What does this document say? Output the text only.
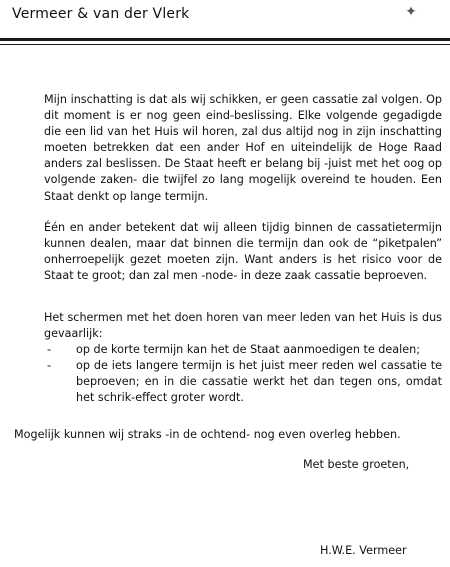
Vermeer & van der Vlerk	✦
Mijn inschatting is dat als wij schikken, er geen cassatie zal volgen. Op dit moment is er nog geen eind-beslissing. Elke volgende gegadigde die een lid van het Huis wil horen, zal dus altijd nog in zijn inschatting moeten betrekken dat een ander Hof en uiteindelijk de Hoge Raad anders zal beslissen. De Staat heeft er belang bij -juist met het oog op volgende zaken- die twijfel zo lang mogelijk overeind te houden. Een Staat denkt op lange termijn.
Één en ander betekent dat wij alleen tijdig binnen de cassatietermijn kunnen dealen, maar dat binnen die termijn dan ook de “piketpalen” onherroepelijk gezet moeten zijn. Want anders is het risico voor de Staat te groot; dan zal men -node- in deze zaak cassatie beproeven.
Het schermen met het doen horen van meer leden van het Huis is dus gevaarlijk:
- op de korte termijn kan het de Staat aanmoedigen te dealen;
- op de iets langere termijn is het juist meer reden wel cassatie te beproeven; en in die cassatie werkt het dan tegen ons, omdat het schrik-effect groter wordt.
Mogelijk kunnen wij straks -in de ochtend- nog even overleg hebben.
Met beste groeten,
H.W.E. Vermeer
